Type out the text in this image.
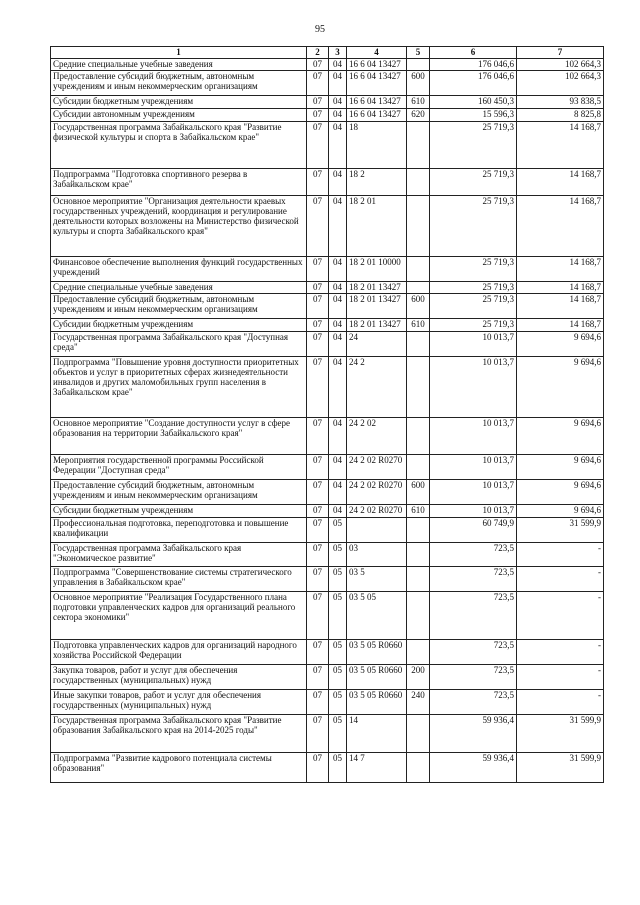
95
1	2	3	4	5	6	7
Средние специальные учебные заведения	07	04	16 6 04 13427		176 046,6	102 664,3
Предоставление субсидий бюджетным, автономным учреждениям и иным некоммерческим организациям	07	04	16 6 04 13427	600	176 046,6	102 664,3
Субсидии бюджетным учреждениям	07	04	16 6 04 13427	610	160 450,3	93 838,5
Субсидии автономным учреждениям	07	04	16 6 04 13427	620	15 596,3	8 825,8
Государственная программа Забайкальского края "Развитие физической культуры и спорта в Забайкальском крае"	07	04	18		25 719,3	14 168,7
Подпрограмма "Подготовка спортивного резерва в Забайкальском крае"	07	04	18 2		25 719,3	14 168,7
Основное мероприятие "Организация деятельности краевых государственных учреждений, координация и регулирование деятельности которых возложены на Министерство физической культуры и спорта Забайкальского края"	07	04	18 2 01		25 719,3	14 168,7
Финансовое обеспечение выполнения функций государственных учреждений	07	04	18 2 01 10000		25 719,3	14 168,7
Средние специальные учебные заведения	07	04	18 2 01 13427		25 719,3	14 168,7
Предоставление субсидий бюджетным, автономным учреждениям и иным некоммерческим организациям	07	04	18 2 01 13427	600	25 719,3	14 168,7
Субсидии бюджетным учреждениям	07	04	18 2 01 13427	610	25 719,3	14 168,7
Государственная программа Забайкальского края "Доступная среда"	07	04	24		10 013,7	9 694,6
Подпрограмма "Повышение уровня доступности приоритетных объектов и услуг в приоритетных сферах жизнедеятельности инвалидов и других маломобильных групп населения в Забайкальском крае"	07	04	24 2		10 013,7	9 694,6
Основное мероприятие "Создание доступности услуг в сфере образования на территории Забайкальского края"	07	04	24 2 02		10 013,7	9 694,6
Мероприятия государственной программы Российской Федерации "Доступная среда"	07	04	24 2 02 R0270		10 013,7	9 694,6
Предоставление субсидий бюджетным, автономным учреждениям и иным некоммерческим организациям	07	04	24 2 02 R0270	600	10 013,7	9 694,6
Субсидии бюджетным учреждениям	07	04	24 2 02 R0270	610	10 013,7	9 694,6
Профессиональная подготовка, переподготовка и повышение квалификации	07	05			60 749,9	31 599,9
Государственная программа Забайкальского края "Экономическое развитие"	07	05	03		723,5	-
Подпрограмма "Совершенствование системы стратегического управления в Забайкальском крае"	07	05	03 5		723,5	-
Основное мероприятие "Реализация Государственного плана подготовки управленческих кадров для организаций реального сектора экономики"	07	05	03 5 05		723,5	-
Подготовка управленческих кадров для организаций народного хозяйства Российской Федерации	07	05	03 5 05 R0660		723,5	-
Закупка товаров, работ и услуг для обеспечения государственных (муниципальных) нужд	07	05	03 5 05 R0660	200	723,5	-
Иные закупки товаров, работ и услуг для обеспечения государственных (муниципальных) нужд	07	05	03 5 05 R0660	240	723,5	-
Государственная программа Забайкальского края "Развитие образования Забайкальского края на 2014-2025 годы"	07	05	14		59 936,4	31 599,9
Подпрограмма "Развитие кадрового потенциала системы образования"	07	05	14 7		59 936,4	31 599,9
